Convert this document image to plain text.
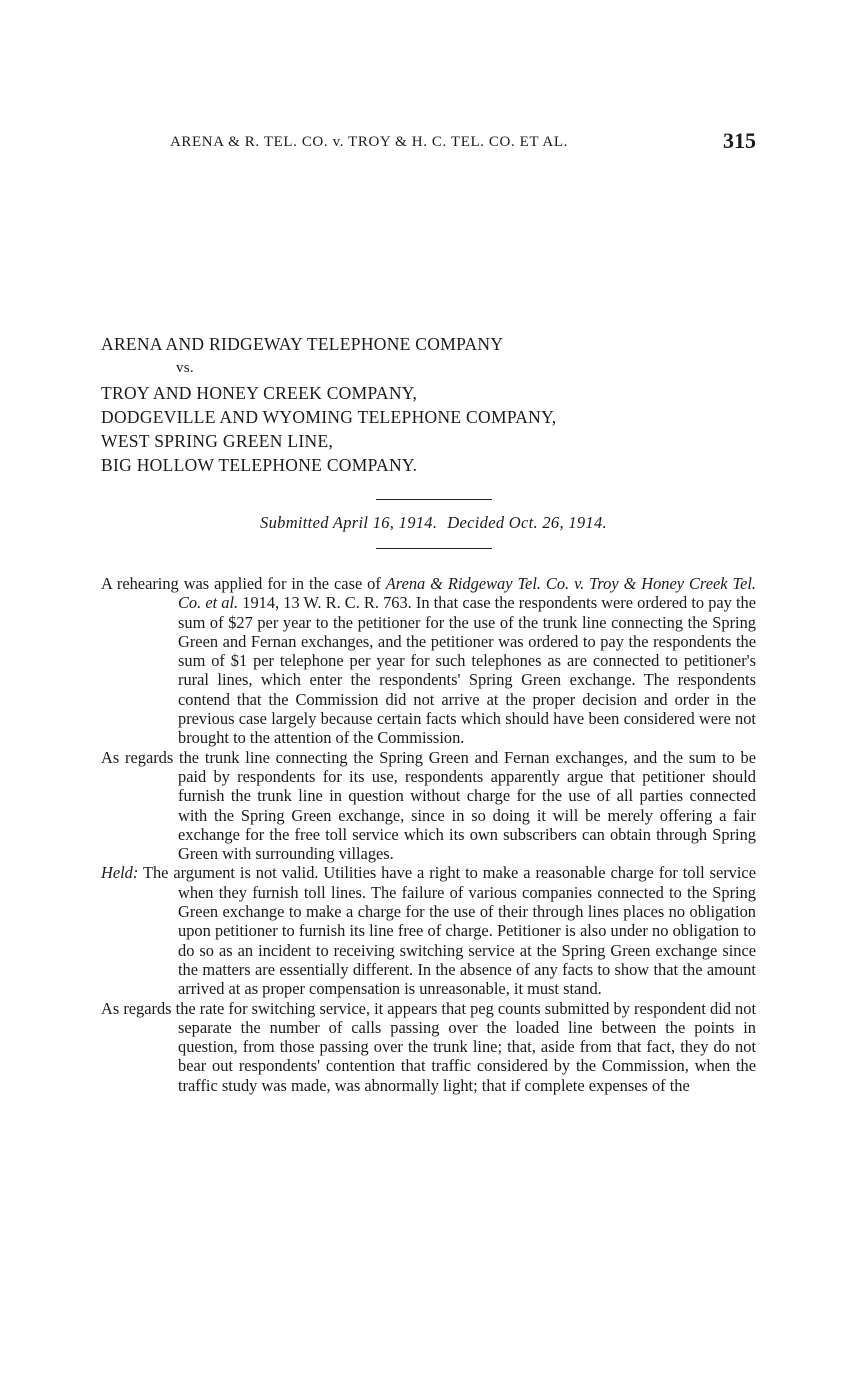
ARENA & R. TEL. CO. v. TROY & H. C. TEL. CO. ET AL.	315
ARENA AND RIDGEWAY TELEPHONE COMPANY
vs.
TROY AND HONEY CREEK COMPANY,
DODGEVILLE AND WYOMING TELEPHONE COMPANY,
WEST SPRING GREEN LINE,
BIG HOLLOW TELEPHONE COMPANY.
Submitted April 16, 1914. Decided Oct. 26, 1914.

A rehearing was applied for in the case of Arena & Ridgeway Tel. Co. v. Troy & Honey Creek Tel. Co. et al. 1914, 13 W. R. C. R. 763. In that case the respondents were ordered to pay the sum of $27 per year to the petitioner for the use of the trunk line connecting the Spring Green and Fernan exchanges, and the petitioner was ordered to pay the respondents the sum of $1 per telephone per year for such telephones as are connected to petitioner's rural lines, which enter the respondents' Spring Green exchange. The respondents contend that the Commission did not arrive at the proper decision and order in the previous case largely because certain facts which should have been considered were not brought to the attention of the Commission.

As regards the trunk line connecting the Spring Green and Fernan exchanges, and the sum to be paid by respondents for its use, respondents apparently argue that petitioner should furnish the trunk line in question without charge for the use of all parties connected with the Spring Green exchange, since in so doing it will be merely offering a fair exchange for the free toll service which its own subscribers can obtain through Spring Green with surrounding villages.

Held: The argument is not valid. Utilities have a right to make a reasonable charge for toll service when they furnish toll lines. The failure of various companies connected to the Spring Green exchange to make a charge for the use of their through lines places no obligation upon petitioner to furnish its line free of charge. Petitioner is also under no obligation to do so as an incident to receiving switching service at the Spring Green exchange since the matters are essentially different. In the absence of any facts to show that the amount arrived at as proper compensation is unreasonable, it must stand.

As regards the rate for switching service, it appears that peg counts submitted by respondent did not separate the number of calls passing over the loaded line between the points in question, from those passing over the trunk line; that, aside from that fact, they do not bear out respondents' contention that traffic considered by the Commission, when the traffic study was made, was abnormally light; that if complete expenses of the
